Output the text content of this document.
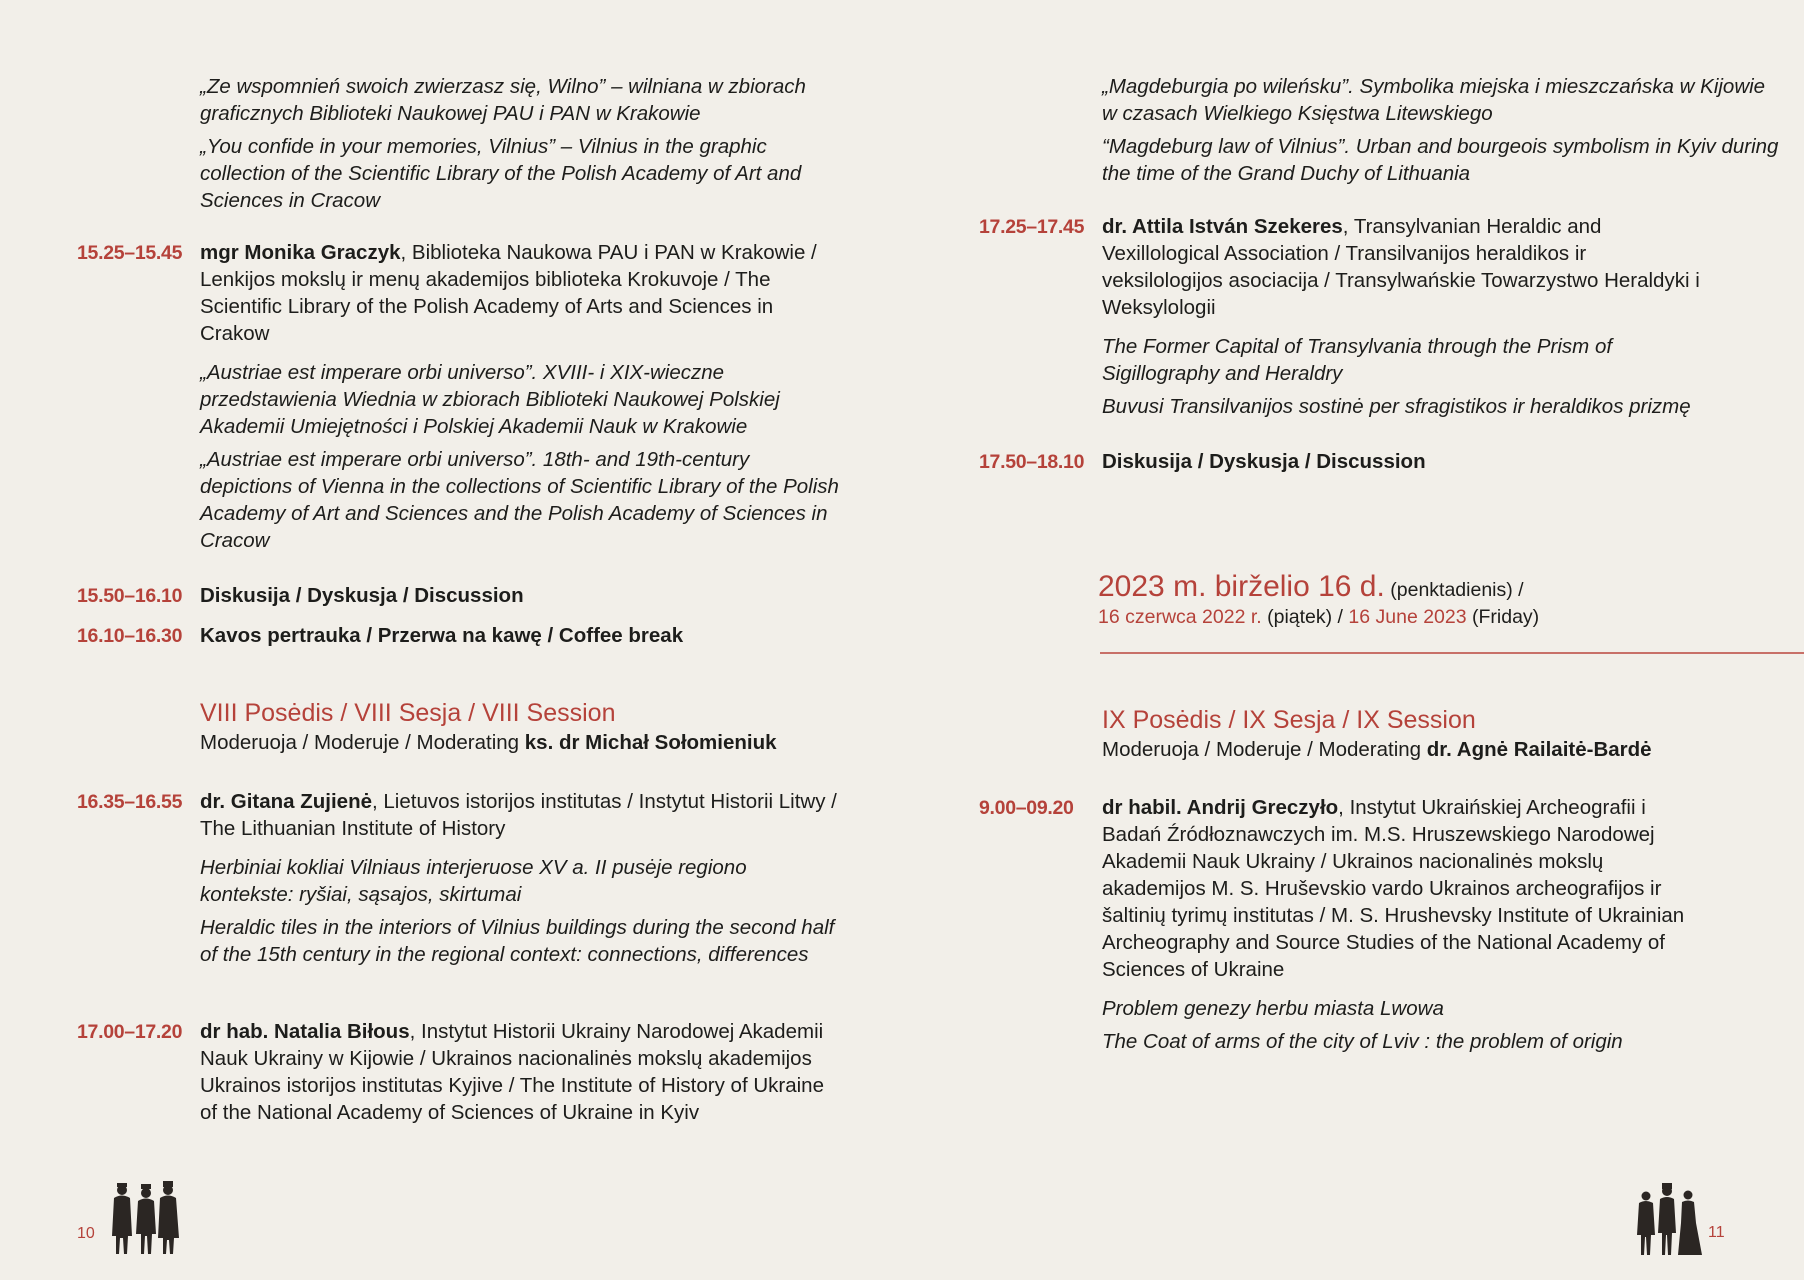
„Ze wspomnień swoich zwierzasz się, Wilno” – wilniana w zbiorach graficznych Biblioteki Naukowej PAU i PAN w Krakowie
„You confide in your memories, Vilnius” – Vilnius in the graphic collection of the Scientific Library of the Polish Academy of Art and Sciences in Cracow
15.25–15.45 mgr Monika Graczyk, Biblioteka Naukowa PAU i PAN w Krakowie / Lenkijos mokslų ir menų akademijos biblioteka Krokuvoje / The Scientific Library of the Polish Academy of Arts and Sciences in Crakow
„Austriae est imperare orbi universo”. XVIII- i XIX-wieczne przedstawienia Wiednia w zbiorach Biblioteki Naukowej Polskiej Akademii Umiejętności i Polskiej Akademii Nauk w Krakowie
„Austriae est imperare orbi universo”. 18th- and 19th-century depictions of Vienna in the collections of Scientific Library of the Polish Academy of Art and Sciences and the Polish Academy of Sciences in Cracow
15.50–16.10 Diskusija / Dyskusja / Discussion
16.10–16.30 Kavos pertrauka / Przerwa na kawę / Coffee break
VIII Posėdis / VIII Sesja / VIII Session
Moderuoja / Moderuje / Moderating ks. dr Michał Sołomieniuk
16.35–16.55 dr. Gitana Zujienė, Lietuvos istorijos institutas / Instytut Historii Litwy / The Lithuanian Institute of History
Herbiniai kokliai Vilniaus interjeruose XV a. II pusėje regiono kontekste: ryšiai, sąsajos, skirtumai
Heraldic tiles in the interiors of Vilnius buildings during the second half of the 15th century in the regional context: connections, differences
17.00–17.20 dr hab. Natalia Biłous, Instytut Historii Ukrainy Narodowej Akademii Nauk Ukrainy w Kijowie / Ukrainos nacionalinės mokslų akademijos Ukrainos istorijos institutas Kyjive / The Institute of History of Ukraine of the National Academy of Sciences of Ukraine in Kyiv
10
„Magdeburgia po wileńsku”. Symbolika miejska i mieszczańska w Kijowie w czasach Wielkiego Księstwa Litewskiego
“Magdeburg law of Vilnius”. Urban and bourgeois symbolism in Kyiv during the time of the Grand Duchy of Lithuania
17.25–17.45 dr. Attila István Szekeres, Transylvanian Heraldic and Vexillological Association / Transilvanijos heraldikos ir veksilologijos asociacija / Transylwańskie Towarzystwo Heraldyki i Weksylologii
The Former Capital of Transylvania through the Prism of Sigillography and Heraldry
Buvusi Transilvanijos sostinė per sfragistikos ir heraldikos prizmę
17.50–18.10 Diskusija / Dyskusja / Discussion
2023 m. birželio 16 d. (penktadienis) /
16 czerwca 2022 r. (piątek) / 16 June 2023 (Friday)
IX Posėdis / IX Sesja / IX Session
Moderuoja / Moderuje / Moderating dr. Agnė Railaitė-Bardė
9.00–09.20 dr habil. Andrij Greczyło, Instytut Ukraińskiej Archeografii i Badań Źródłoznawczych im. M.S. Hruszewskiego Narodowej Akademii Nauk Ukrainy / Ukrainos nacionalinės mokslų akademijos M. S. Hruševskio vardo Ukrainos archeografijos ir šaltinių tyrimų institutas / M. S. Hrushevsky Institute of Ukrainian Archeography and Source Studies of the National Academy of Sciences of Ukraine
Problem genezy herbu miasta Lwowa
The Coat of arms of the city of Lviv : the problem of origin
11
